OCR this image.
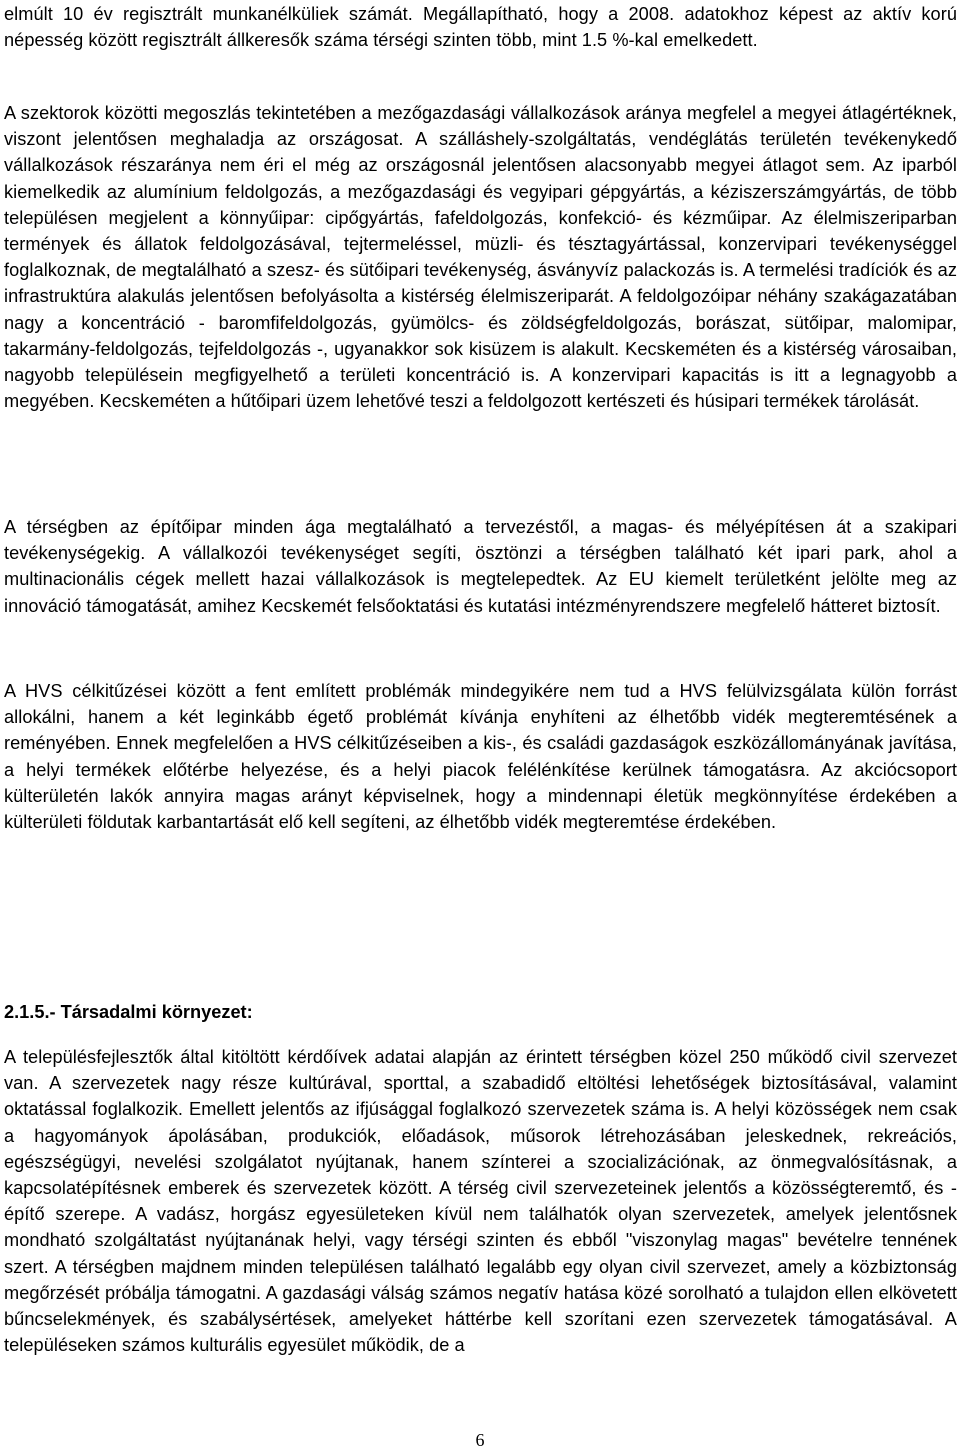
elmúlt 10 év regisztrált munkanélküliek számát. Megállapítható, hogy a 2008. adatokhoz képest az aktív korú népesség között regisztrált állkeresők száma térségi szinten több, mint 1.5 %-kal emelkedett.

A szektorok közötti megoszlás tekintetében a mezőgazdasági vállalkozások aránya megfelel a megyei átlagértéknek, viszont jelentősen meghaladja az országosat. A szálláshely-szolgáltatás, vendéglátás területén tevékenykedő vállalkozások részaránya nem éri el még az országosnál jelentősen alacsonyabb megyei átlagot sem. Az iparból kiemelkedik az alumínium feldolgozás, a mezőgazdasági és vegyipari gépgyártás, a kéziszerszámgyártás, de több településen megjelent a könnyűipar: cipőgyártás, fafeldolgozás, konfekció- és kézműipar. Az élelmiszeriparban termények és állatok feldolgozásával, tejtermeléssel, müzli- és tésztagyártással, konzervipari tevékenységgel foglalkoznak, de megtalálható a szesz- és sütőipari tevékenység, ásványvíz palackozás is. A termelési tradíciók és az infrastruktúra alakulás jelentősen befolyásolta a kistérség élelmiszeriparát. A feldolgozóipar néhány szakágazatában nagy a koncentráció - baromfifeldolgozás, gyümölcs- és zöldségfeldolgozás, borászat, sütőipar, malomipar, takarmány-feldolgozás, tejfeldolgozás -, ugyanakkor sok kisüzem is alakult. Kecskeméten és a kistérség városaiban, nagyobb településein megfigyelhető a területi koncentráció is. A konzervipari kapacitás is itt a legnagyobb a megyében. Kecskeméten a hűtőipari üzem lehetővé teszi a feldolgozott kertészeti és húsipari termékek tárolását.

A térségben az építőipar minden ága megtalálható a tervezéstől, a magas- és mélyépítésen át a szakipari tevékenységekig. A vállalkozói tevékenységet segíti, ösztönzi a térségben található két ipari park, ahol a multinacionális cégek mellett hazai vállalkozások is megtelepedtek. Az EU kiemelt területként jelölte meg az innováció támogatását, amihez Kecskemét felsőoktatási és kutatási intézményrendszere megfelelő hátteret biztosít.

A HVS célkitűzései között a fent említett problémák mindegyikére nem tud a HVS felülvizsgálata külön forrást allokálni, hanem a két leginkább égető problémát kívánja enyhíteni az élhetőbb vidék megteremtésének a reményében. Ennek megfelelően a HVS célkitűzéseiben a kis-, és családi gazdaságok eszközállományának javítása, a helyi termékek előtérbe helyezése, és a helyi piacok felélénkítése kerülnek támogatásra. Az akciócsoport külterületén lakók annyira magas arányt képviselnek, hogy a mindennapi életük megkönnyítése érdekében a külterületi földutak karbantartását elő kell segíteni, az élhetőbb vidék megteremtése érdekében.

2.1.5.- Társadalmi környezet:

A településfejlesztők által kitöltött kérdőívek adatai alapján az érintett térségben közel 250 működő civil szervezet van. A szervezetek nagy része kultúrával, sporttal, a szabadidő eltöltési lehetőségek biztosításával, valamint oktatással foglalkozik. Emellett jelentős az ifjúsággal foglalkozó szervezetek száma is. A helyi közösségek nem csak a hagyományok ápolásában, produkciók, előadások, műsorok létrehozásában jeleskednek, rekreációs, egészségügyi, nevelési szolgálatot nyújtanak, hanem színterei a szocializációnak, az önmegvalósításnak, a kapcsolatépítésnek emberek és szervezetek között. A térség civil szervezeteinek jelentős a közösségteremtő, és - építő szerepe. A vadász, horgász egyesületeken kívül nem találhatók olyan szervezetek, amelyek jelentősnek mondható szolgáltatást nyújtanának helyi, vagy térségi szinten és ebből "viszonylag magas" bevételre tennének szert. A térségben majdnem minden településen található legalább egy olyan civil szervezet, amely a közbiztonság megőrzését próbálja támogatni. A gazdasági válság számos negatív hatása közé sorolható a tulajdon ellen elkövetett bűncselekmények, és szabálysértések, amelyeket háttérbe kell szorítani ezen szervezetek támogatásával. A településeken számos kulturális egyesület működik, de a

6
